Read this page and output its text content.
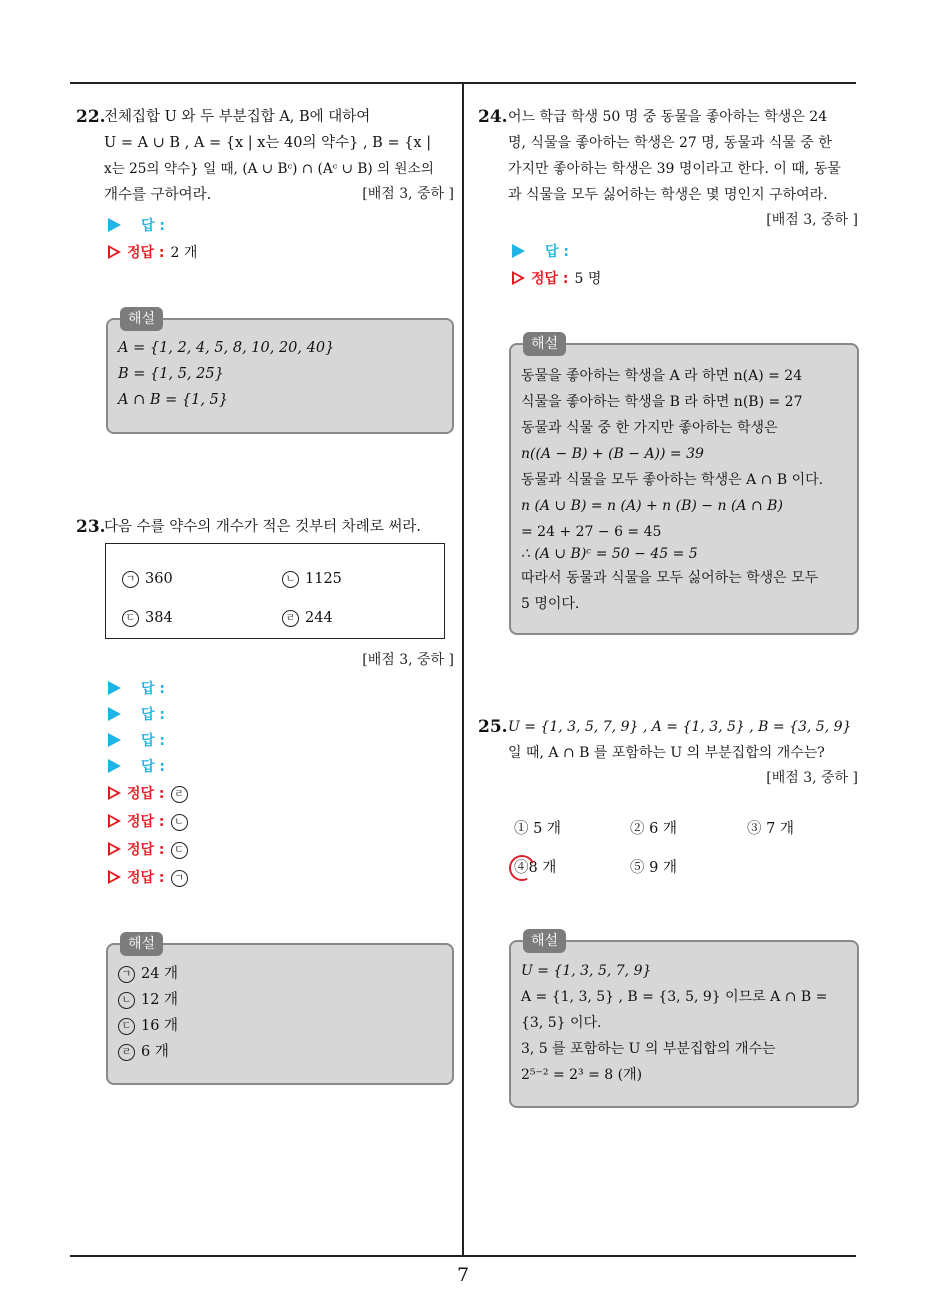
7
22.
전체집합 U 와 두 부분집합 A, B에 대하여
U = A ∪ B , A = {x | x는 40의 약수} , B = {x |
x는 25의 약수} 일 때, (A ∪ Bᶜ) ∩ (Aᶜ ∪ B) 의 원소의
개수를 구하여라.	[배점 3, 중하 ]
답 :
정답 : 2 개
해설
A = {1, 2, 4, 5, 8, 10, 20, 40}
B = {1, 5, 25}
A ∩ B = {1, 5}
23.
다음 수를 약수의 개수가 적은 것부터 차례로 써라.
ㄱ 360	ㄴ 1125
ㄷ 384	ㄹ 244
[배점 3, 중하 ]
답 :
답 :
답 :
답 :
정답 : ㄹ
정답 : ㄴ
정답 : ㄷ
정답 : ㄱ
해설
ㄱ 24 개
ㄴ 12 개
ㄷ 16 개
ㄹ 6 개
24. 어느 학급 학생 50 명 중 동물을 좋아하는 학생은 24
명, 식물을 좋아하는 학생은 27 명, 동물과 식물 중 한
가지만 좋아하는 학생은 39 명이라고 한다. 이 때, 동물
과 식물을 모두 싫어하는 학생은 몇 명인지 구하여라.
[배점 3, 중하 ]
답 :
정답 : 5 명
해설
동물을 좋아하는 학생을 A 라 하면 n(A) = 24
식물을 좋아하는 학생을 B 라 하면 n(B) = 27
동물과 식물 중 한 가지만 좋아하는 학생은
n((A − B) + (B − A)) = 39
동물과 식물을 모두 좋아하는 학생은 A ∩ B 이다.
n (A ∪ B) = n (A) + n (B) − n (A ∩ B)
= 24 + 27 − 6 = 45
∴ (A ∪ B)ᶜ = 50 − 45 = 5
따라서 동물과 식물을 모두 싫어하는 학생은 모두
5 명이다.
25. U = {1, 3, 5, 7, 9} , A = {1, 3, 5} , B = {3, 5, 9}
일 때, A ∩ B 를 포함하는 U 의 부분집합의 개수는?
[배점 3, 중하 ]
① 5 개	② 6 개	③ 7 개
④8 개	⑤ 9 개
해설
U = {1, 3, 5, 7, 9}
A = {1, 3, 5} , B = {3, 5, 9} 이므로 A ∩ B =
{3, 5} 이다.
3, 5 를 포함하는 U 의 부분집합의 개수는
2⁵⁻² = 2³ = 8 (개)
